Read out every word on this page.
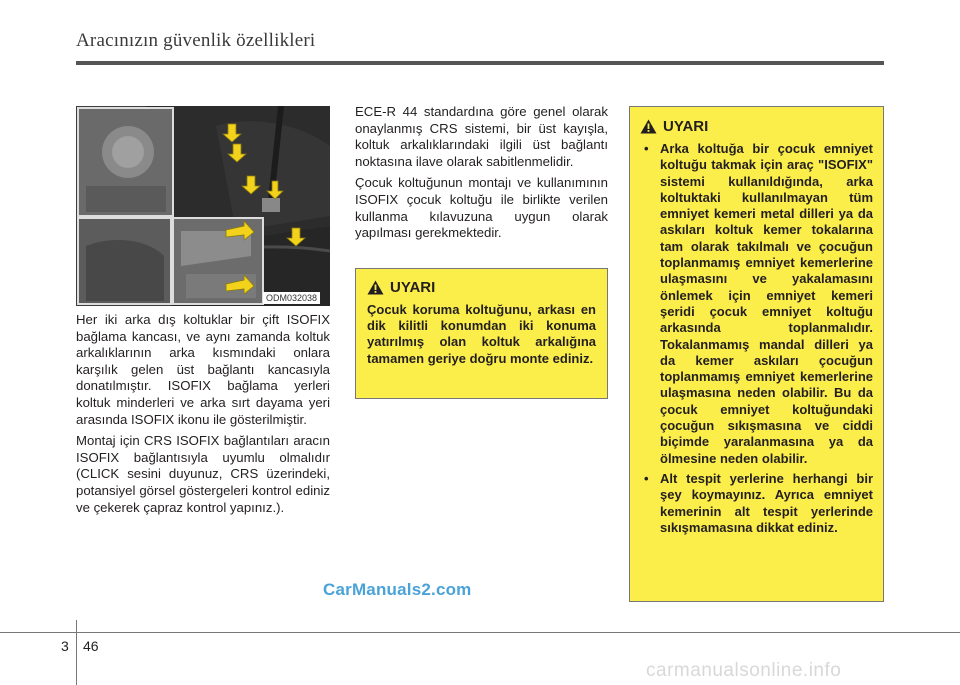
Aracınızın güvenlik özellikleri
ODM032038

Her iki arka dış koltuklar bir çift ISOFIX bağlama kancası, ve aynı zamanda koltuk arkalıklarının arka kısmındaki onlara karşılık gelen üst bağlantı kancasıyla donatılmıştır. ISOFIX bağlama yerleri koltuk minderleri ve arka sırt dayama yeri arasında ISOFIX ikonu ile gösterilmiştir.

Montaj için CRS ISOFIX bağlantıları aracın ISOFIX bağlantısıyla uyumlu olmalıdır (CLICK sesini duyunuz, CRS üzerindeki, potansiyel görsel göstergeleri kontrol ediniz ve çekerek çapraz kontrol yapınız.).

ECE-R 44 standardına göre genel olarak onaylanmış CRS sistemi, bir üst kayışla, koltuk arkalıklarındaki ilgili üst bağlantı noktasına ilave olarak sabitlenmelidir.

Çocuk koltuğunun montajı ve kullanımının ISOFIX çocuk koltuğu ile birlikte verilen kullanma kılavuzuna uygun olarak yapılması gerekmektedir.

UYARI
Çocuk koruma koltuğunu, arkası en dik kilitli konumdan iki konuma yatırılmış olan koltuk arkalığına tamamen geriye doğru monte ediniz.
UYARI
• Arka koltuğa bir çocuk emniyet koltuğu takmak için araç "ISOFIX" sistemi kullanıldığında, arka koltuktaki kullanılmayan tüm emniyet kemeri metal dilleri ya da askıları koltuk kemer tokalarına tam olarak takılmalı ve çocuğun toplanmamış emniyet kemerlerine ulaşmasını ve yakalamasını önlemek için emniyet kemeri şeridi çocuk emniyet koltuğu arkasında toplanmalıdır. Tokalanmamış mandal dilleri ya da kemer askıları çocuğun toplanmamış emniyet kemerlerine ulaşmasına neden olabilir. Bu da çocuk emniyet koltuğundaki çocuğun sıkışmasına ve ciddi biçimde yaralanmasına ya da ölmesine neden olabilir.
• Alt tespit yerlerine herhangi bir şey koymayınız. Ayrıca emniyet kemerinin alt tespit yerlerinde sıkışmamasına dikkat ediniz.
CarManuals2.com
3 46
carmanualsonline.info
